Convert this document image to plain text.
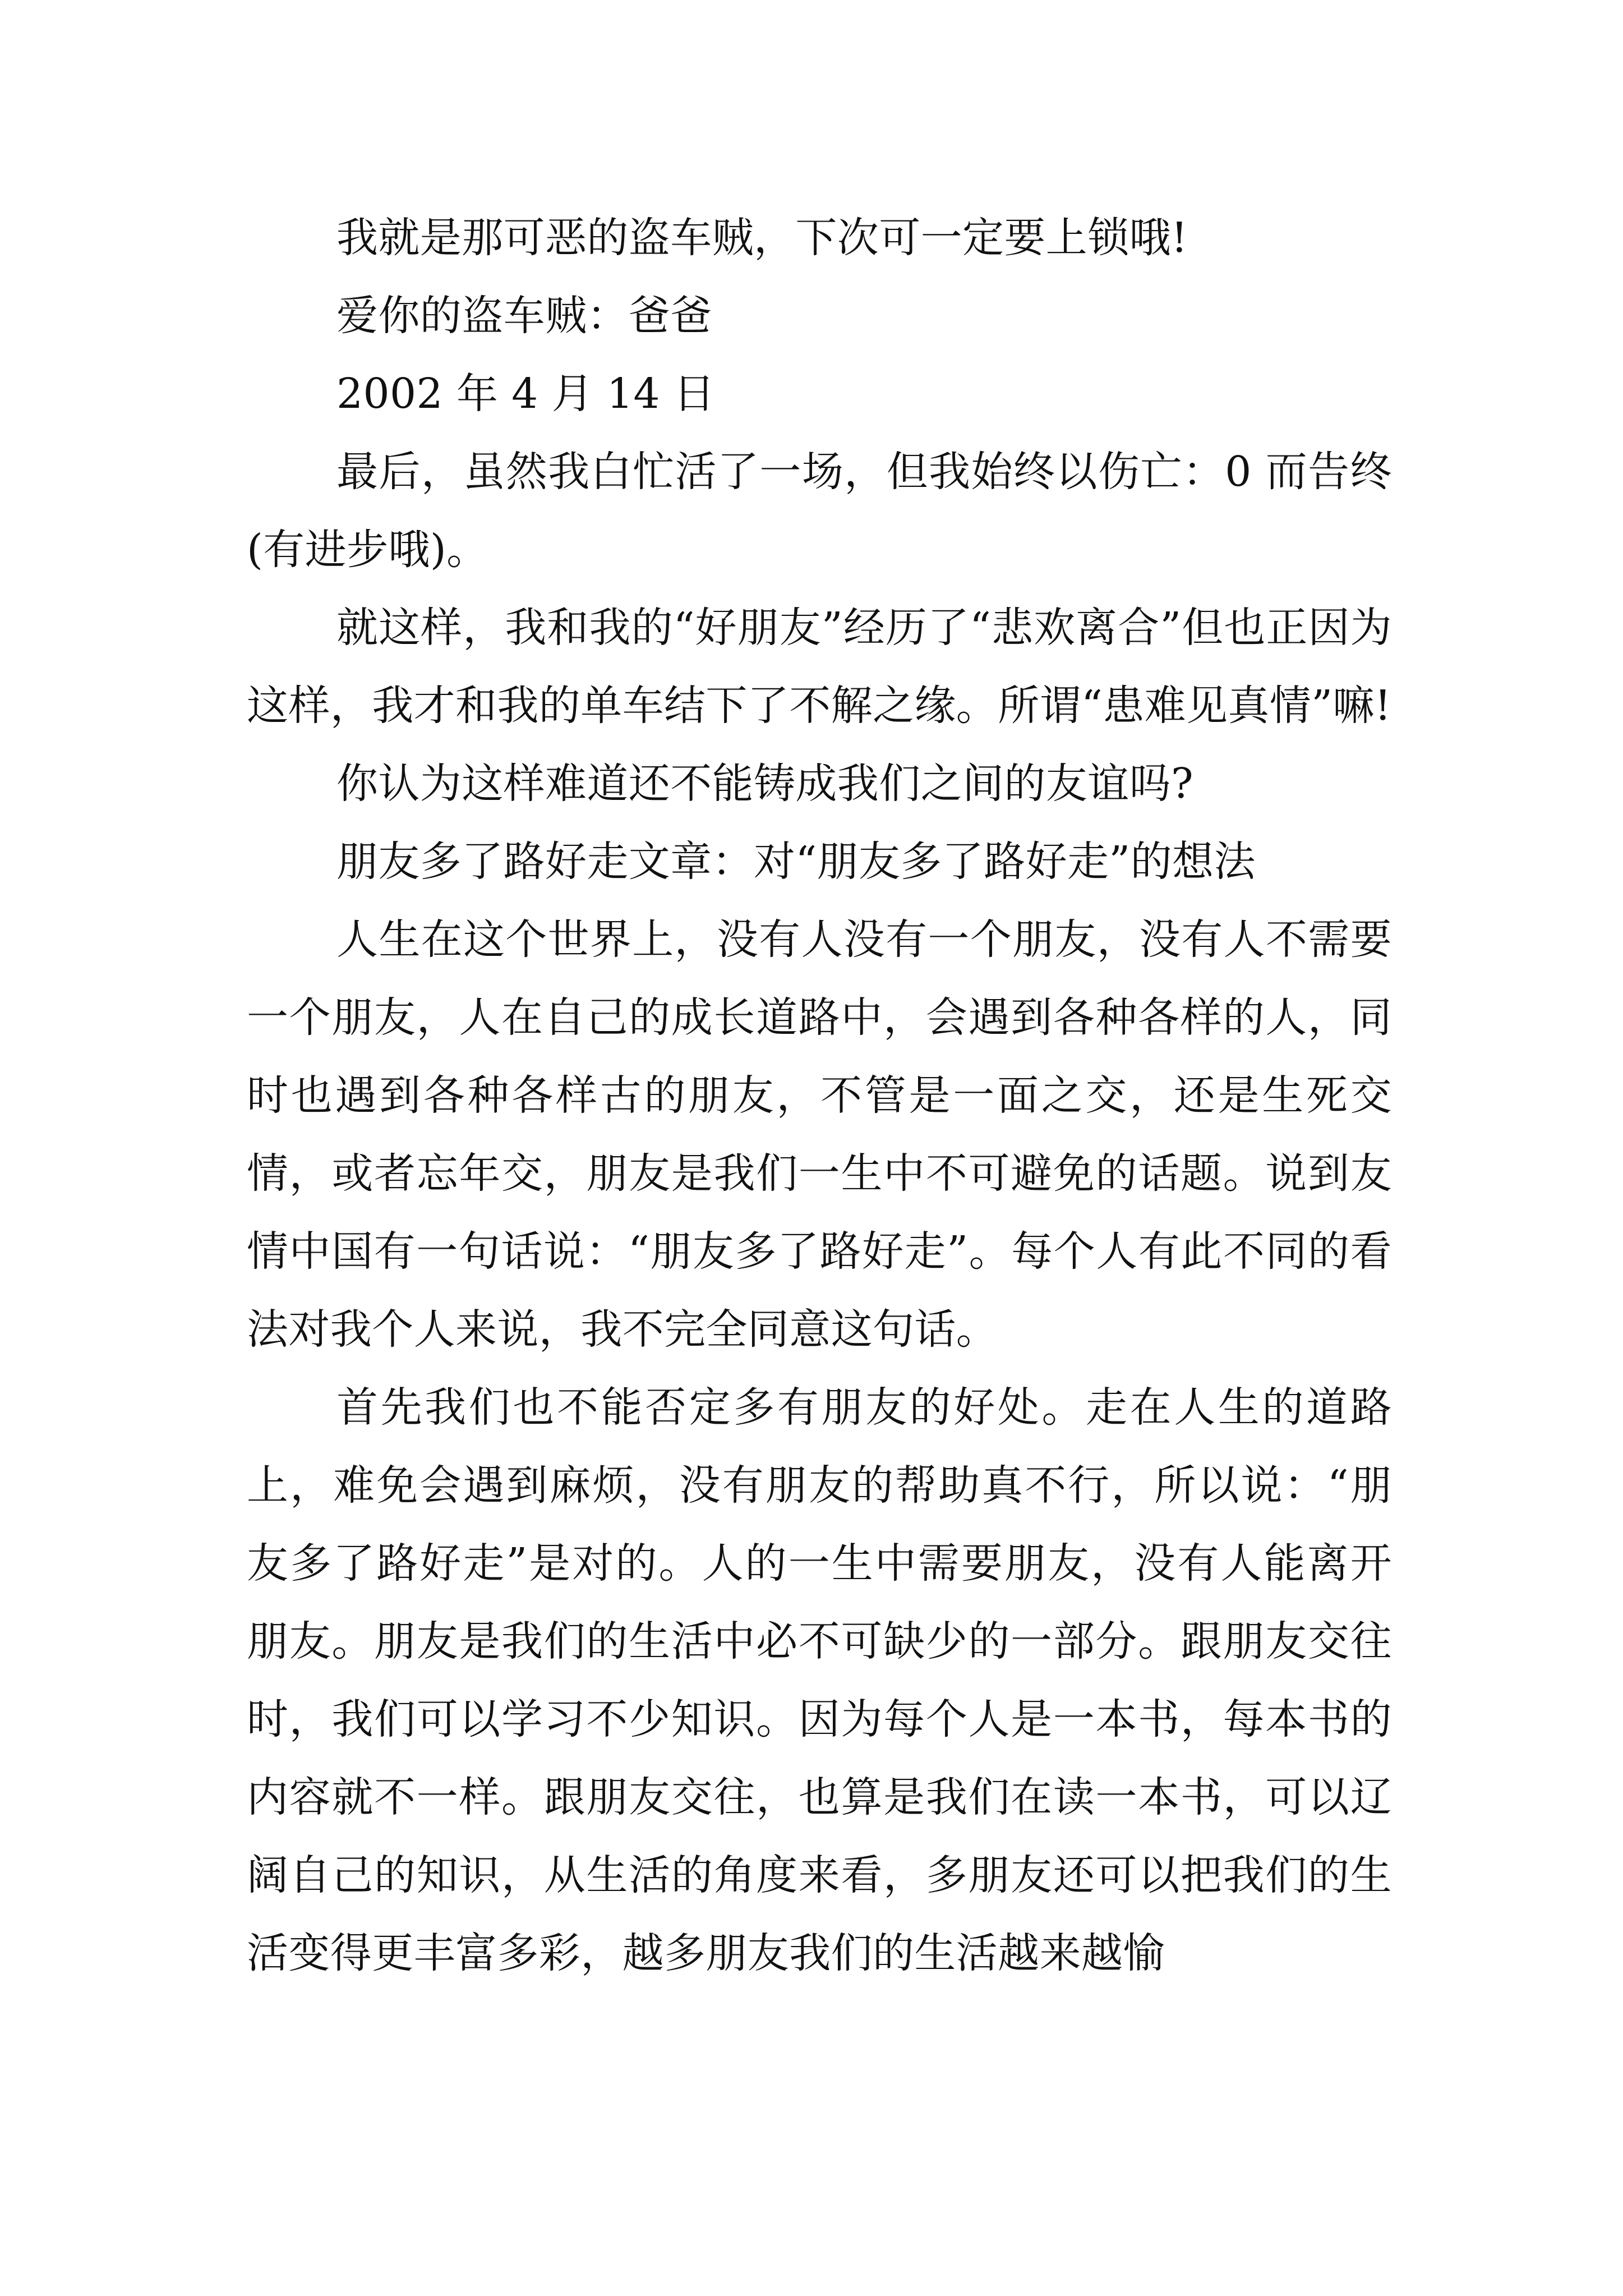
我就是那可恶的盗车贼，下次可一定要上锁哦!

爱你的盗车贼：爸爸

2002 年 4 月 14 日

最后，虽然我白忙活了一场，但我始终以伤亡：0 而告终(有进步哦)。

就这样，我和我的“好朋友”经历了“悲欢离合”但也正因为这样，我才和我的单车结下了不解之缘。所谓“患难见真情”嘛!

你认为这样难道还不能铸成我们之间的友谊吗?

朋友多了路好走文章：对“朋友多了路好走”的想法

人生在这个世界上，没有人没有一个朋友，没有人不需要一个朋友，人在自己的成长道路中，会遇到各种各样的人，同时也遇到各种各样古的朋友，不管是一面之交，还是生死交情，或者忘年交，朋友是我们一生中不可避免的话题。说到友情中国有一句话说：“朋友多了路好走”。每个人有此不同的看法对我个人来说，我不完全同意这句话。

首先我们也不能否定多有朋友的好处。走在人生的道路上，难免会遇到麻烦，没有朋友的帮助真不行，所以说：“朋友多了路好走”是对的。人的一生中需要朋友，没有人能离开朋友。朋友是我们的生活中必不可缺少的一部分。跟朋友交往时，我们可以学习不少知识。因为每个人是一本书，每本书的内容就不一样。跟朋友交往，也算是我们在读一本书，可以辽阔自己的知识，从生活的角度来看，多朋友还可以把我们的生活变得更丰富多彩，越多朋友我们的生活越来越愉
